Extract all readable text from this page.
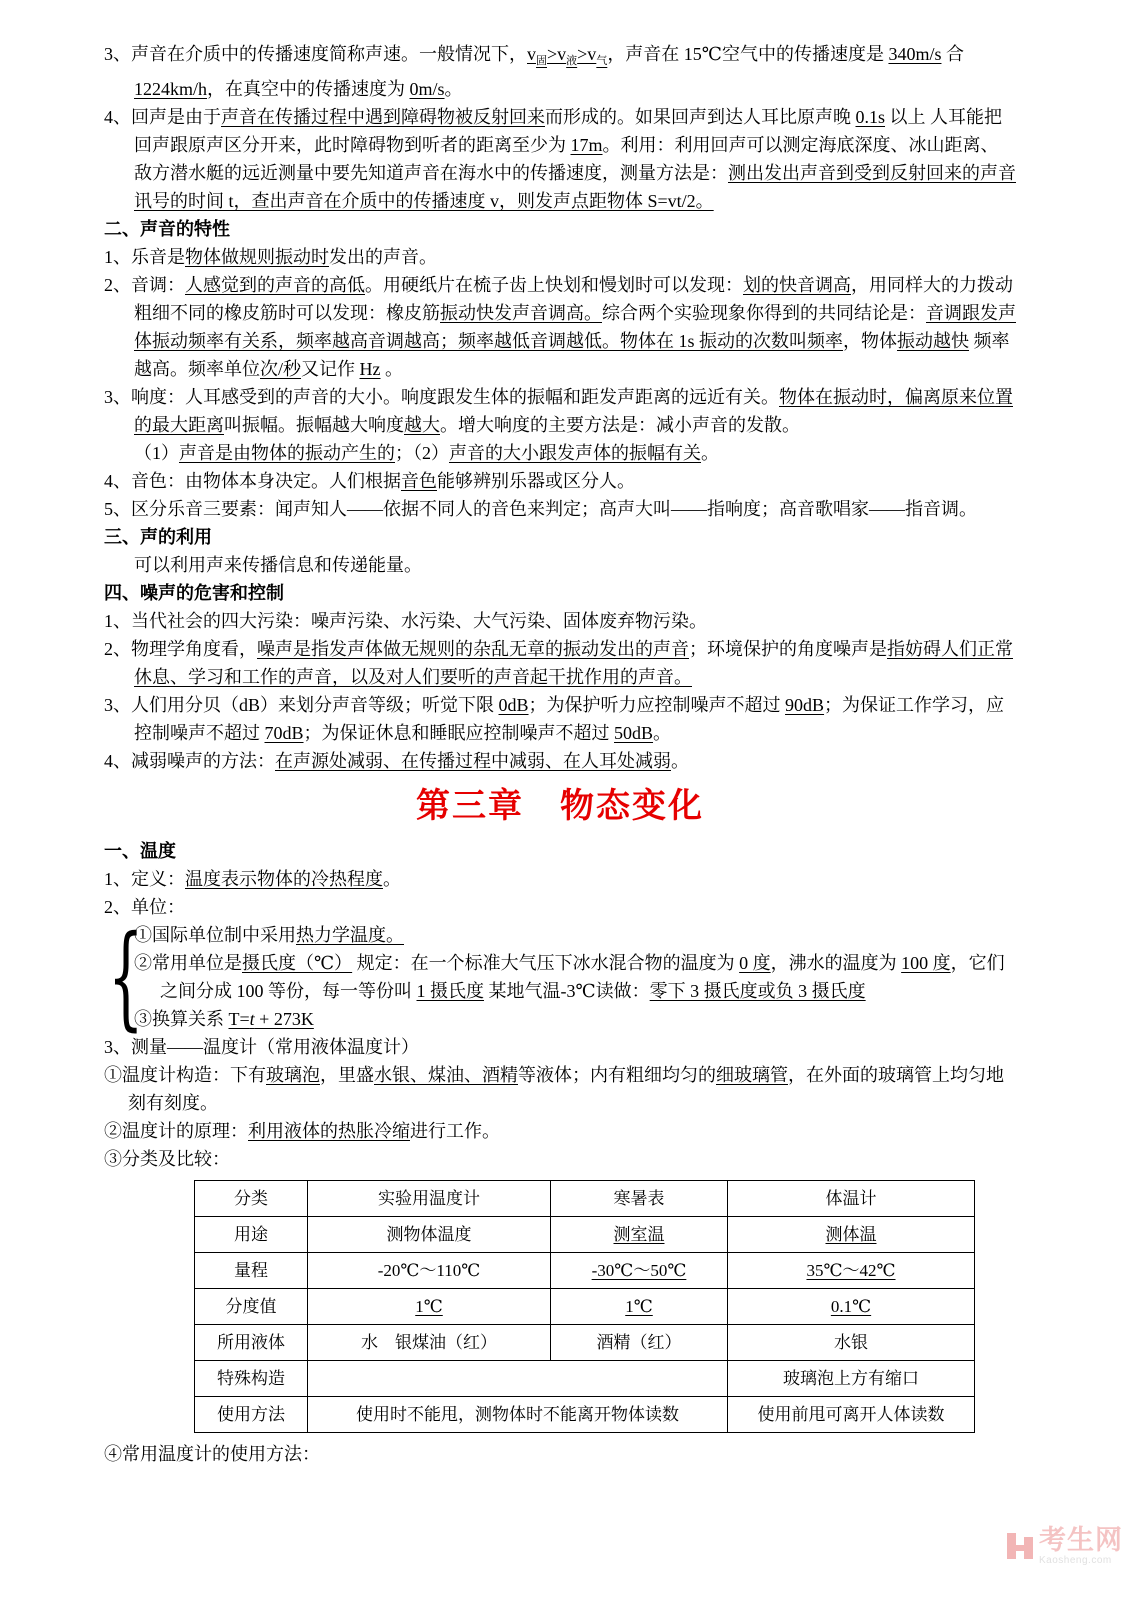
3、声音在介质中的传播速度简称声速。一般情况下，$v_固>v_液>v_气$，声音在 15℃空气中的传播速度是 340m/s 合 1224km/h，在真空中的传播速度为 0m/s。
4、回声是由于声音在传播过程中遇到障碍物被反射回来而形成的。如果回声到达人耳比原声晚 0.1s 以上 人耳能把回声跟原声区分开来，此时障碍物到听者的距离至少为 17m。利用：利用回声可以测定海底深度、冰山距离、敌方潜水艇的远近测量中要先知道声音在海水中的传播速度，测量方法是：测出发出声音到受到反射回来的声音讯号的时间 t，查出声音在介质中的传播速度 v，则发声点距物体 S=vt/2。
二、声音的特性
1、乐音是物体做规则振动时发出的声音。
2、音调：人感觉到的声音的高低。用硬纸片在梳子齿上快划和慢划时可以发现：划的快音调高，用同样大的力拨动粗细不同的橡皮筋时可以发现：橡皮筋振动快发声音调高。综合两个实验现象你得到的共同结论是：音调跟发声体振动频率有关系，频率越高音调越高；频率越低音调越低。物体在 1s 振动的次数叫频率，物体振动越快 频率越高。频率单位次/秒又记作 Hz 。
3、响度：人耳感受到的声音的大小。响度跟发生体的振幅和距发声距离的远近有关。物体在振动时，偏离原来位置的最大距离叫振幅。振幅越大响度越大。增大响度的主要方法是：减小声音的发散。
（1）声音是由物体的振动产生的；（2）声音的大小跟发声体的振幅有关。
4、音色：由物体本身决定。人们根据音色能够辨别乐器或区分人。
5、区分乐音三要素：闻声知人——依据不同人的音色来判定；高声大叫——指响度；高音歌唱家——指音调。
三、声的利用
可以利用声来传播信息和传递能量。
四、噪声的危害和控制
1、当代社会的四大污染：噪声污染、水污染、大气污染、固体废弃物污染。
2、物理学角度看，噪声是指发声体做无规则的杂乱无章的振动发出的声音；环境保护的角度噪声是指妨碍人们正常休息、学习和工作的声音，以及对人们要听的声音起干扰作用的声音。
3、人们用分贝（dB）来划分声音等级；听觉下限 0dB；为保护听力应控制噪声不超过 90dB；为保证工作学习，应控制噪声不超过 70dB；为保证休息和睡眠应控制噪声不超过 50dB。
4、减弱噪声的方法：在声源处减弱、在传播过程中减弱、在人耳处减弱。
第三章　物态变化
一、温度
1、定义：温度表示物体的冷热程度。
2、单位：
{
①国际单位制中采用热力学温度。
②常用单位是摄氏度（℃） 规定：在一个标准大气压下冰水混合物的温度为 0 度，沸水的温度为 100 度，它们之间分成 100 等份，每一等份叫 1 摄氏度 某地气温-3℃读做：零下 3 摄氏度或负 3 摄氏度
③换算关系 T=t + 273K
3、测量——温度计（常用液体温度计）
①温度计构造：下有玻璃泡，里盛水银、煤油、酒精等液体；内有粗细均匀的细玻璃管，在外面的玻璃管上均匀地刻有刻度。
②温度计的原理：利用液体的热胀冷缩进行工作。
③分类及比较：
分类	实验用温度计	寒暑表	体温计
用途	测物体温度	测室温	测体温
量程	-20℃～110℃	-30℃～50℃	35℃～42℃
分度值	1℃	1℃	0.1℃
所用液体	水　银煤油（红）	酒精（红）	水银
特殊构造			玻璃泡上方有缩口
使用方法	使用时不能甩，测物体时不能离开物体读数		使用前甩可离开人体读数
④常用温度计的使用方法：
考生网
Kaosheng.com
